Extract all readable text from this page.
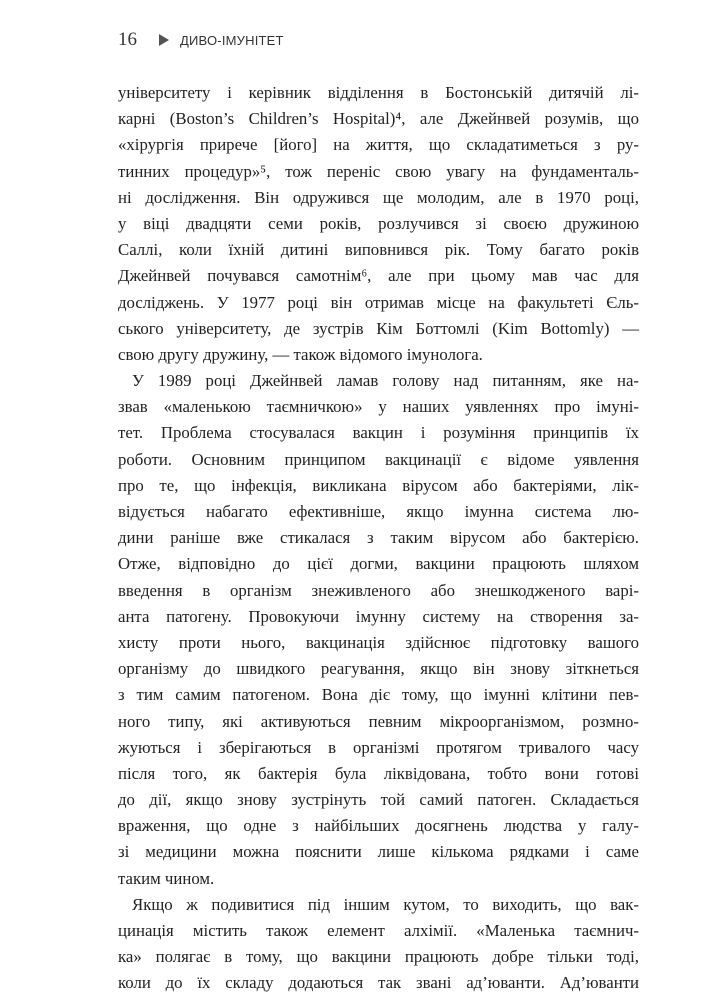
16	ДИВО-ІМУНІТЕТ
університету і керівник відділення в Бостонській дитячій лі-
карні (Boston’s Children’s Hospital)⁴, але Джейнвей розумів, що
«хірургія приречe [його] на життя, що складатиметься з ру-
тинних процедур»⁵, тож переніс свою увагу на фундаменталь-
ні дослідження. Він одружився ще молодим, але в 1970 році,
у віці двадцяти семи років, розлучився зі своєю дружиною
Саллі, коли їхній дитині виповнився рік. Тому багато років
Джейнвей почувався самотнім⁶, але при цьому мав час для
досліджень. У 1977 році він отримав місце на факультеті Єль-
ського університету, де зустрів Кім Боттомлі (Kim Bottomly) —
свою другу дружину, — також відомого імунолога.
У 1989 році Джейнвей ламав голову над питанням, яке на-
звав «маленькою таємничкою» у наших уявленнях про імуні-
тет. Проблема стосувалася вакцин і розуміння принципів їх
роботи. Основним принципом вакцинації є відоме уявлення
про те, що інфекція, викликана вірусом або бактеріями, лік-
відується набагато ефективніше, якщо імунна система лю-
дини раніше вже стикалася з таким вірусом або бактерією.
Отже, відповідно до цієї догми, вакцини працюють шляхом
введення в організм знеживленого або знешкодженого варі-
анта патогену. Провокуючи імунну систему на створення за-
хисту проти нього, вакцинація здійснює підготовку вашого
організму до швидкого реагування, якщо він знову зіткнеться
з тим самим патогеном. Вона діє тому, що імунні клітини пев-
ного типу, які активуються певним мікроорганізмом, розмно-
жуються і зберігаються в організмі протягом тривалого часу
після того, як бактерія була ліквідована, тобто вони готові
до дії, якщо знову зустрінуть той самий патоген. Складається
враження, що одне з найбільших досягнень людства у галу-
зі медицини можна пояснити лише кількома рядками і саме
таким чином.
Якщо ж подивитися під іншим кутом, то виходить, що вак-
цинація містить також елемент алхімії. «Маленька таємнич-
ка» полягає в тому, що вакцини працюють добре тільки тоді,
коли до їх складу додаються так звані ад’юванти. Ад’юванти
